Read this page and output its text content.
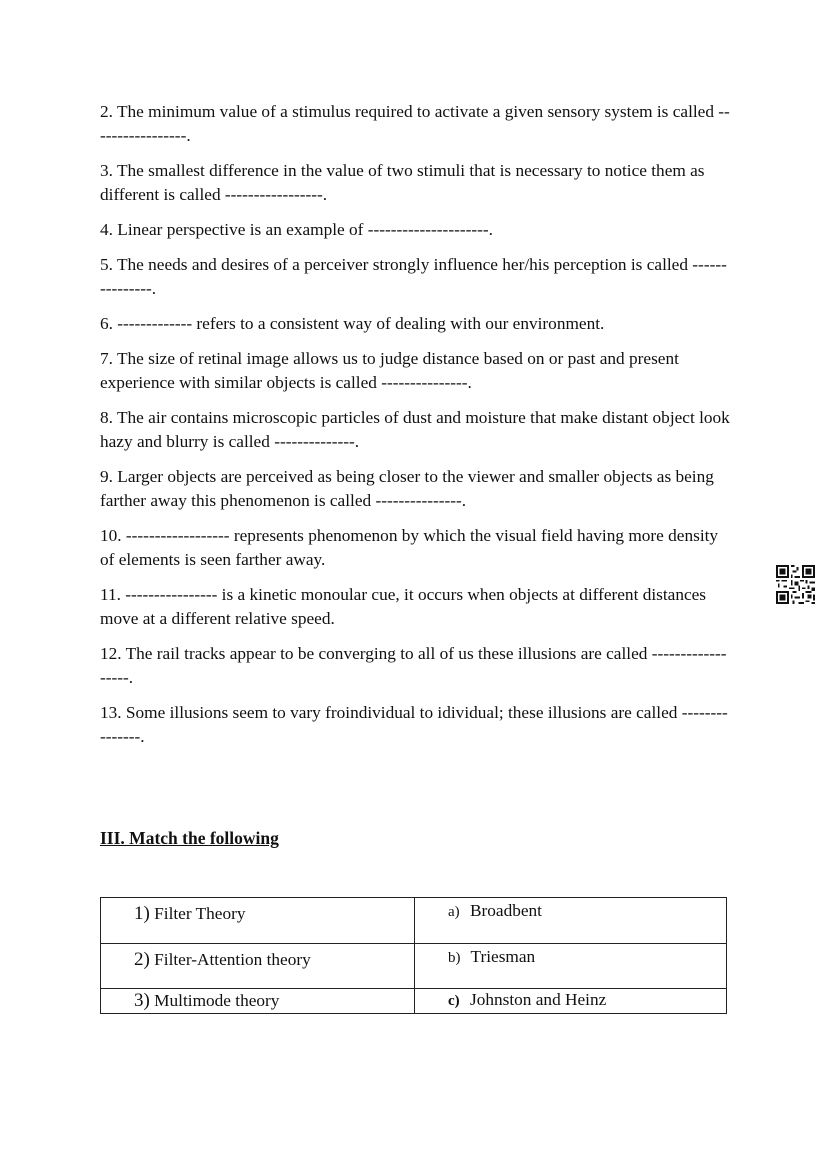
2. The minimum value of a stimulus required to activate a given sensory system is called -----------------.

3. The smallest difference in the value of two stimuli that is necessary to notice them as different is called -----------------.

4. Linear perspective is an example of ---------------------.

5. The needs and desires of a perceiver strongly influence her/his perception is called ---------------.

6. ------------- refers to a consistent way of dealing with our environment.

7. The size of retinal image allows us to judge distance based on or past and present experience with similar objects is called ---------------.

8. The air contains microscopic particles of dust and moisture that make distant object look hazy and blurry is called --------------.

9. Larger objects are perceived as being closer to the viewer and smaller objects as being farther away this phenomenon is called ---------------.

10. ------------------ represents phenomenon by which the visual field having more density of elements is seen farther away.

11. ---------------- is a kinetic monoular cue, it occurs when objects at different distances move at a different relative speed.

12. The rail tracks appear to be converging to all of us these illusions are called ------------------.

13. Some illusions seem to vary froindividual to idividual; these illusions are called ---------------.

III. Match the following

1) Filter Theory	a) Broadbent

2) Filter-Attention theory	b) Triesman

3) Multimode theory	c) Johnston and Heinz
